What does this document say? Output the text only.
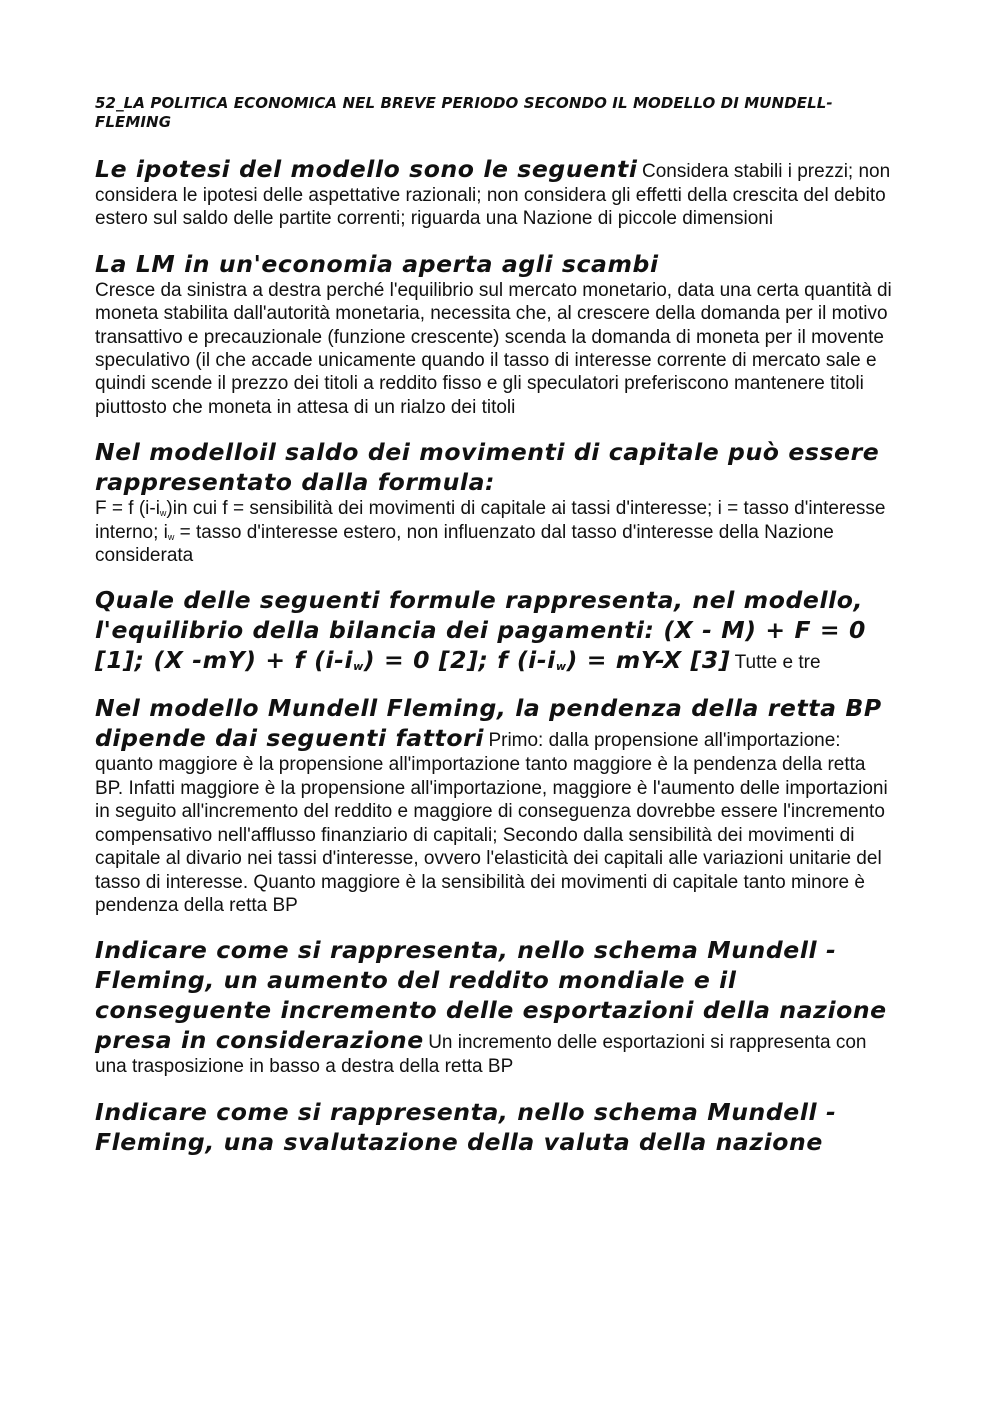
52_LA POLITICA ECONOMICA NEL BREVE PERIODO SECONDO IL MODELLO DI MUNDELL-FLEMING
Le ipotesi del modello sono le seguenti Considera stabili i prezzi; non considera le ipotesi delle aspettative razionali; non considera gli effetti della crescita del debito estero sul saldo delle partite correnti; riguarda una Nazione di piccole dimensioni
La LM in un'economia aperta agli scambi
Cresce da sinistra a destra perché l'equilibrio sul mercato monetario, data una certa quantità di moneta stabilita dall'autorità monetaria, necessita che, al crescere della domanda per il motivo transattivo e precauzionale (funzione crescente) scenda la domanda di moneta per il movente speculativo (il che accade unicamente quando il tasso di interesse corrente di mercato sale e quindi scende il prezzo dei titoli a reddito fisso e gli speculatori preferiscono mantenere titoli piuttosto che moneta in attesa di un rialzo dei titoli
Nel modelloil saldo dei movimenti di capitale può essere rappresentato dalla formula:
F = f $(i-i_w)in$ cui f = sensibilità dei movimenti di capitale ai tassi d'interesse; i = tasso d'interesse interno; $i_w$ = tasso d'interesse estero, non influenzato dal tasso d'interesse della Nazione considerata
Quale delle seguenti formule rappresenta, nel modello, l'equilibrio della bilancia dei pagamenti: (X - M) + F = 0 [1]; (X -mY) + f $(i-i_w) = 0$ [2]; f $(i-i_w) = mY-X$ [3] Tutte e tre
Nel modello Mundell Fleming, la pendenza della retta BP dipende dai seguenti fattori Primo: dalla propensione all'importazione: quanto maggiore è la propensione all'importazione tanto maggiore è la pendenza della retta BP. Infatti maggiore è la propensione all'importazione, maggiore è l'aumento delle importazioni in seguito all'incremento del reddito e maggiore di conseguenza dovrebbe essere l'incremento compensativo nell'afflusso finanziario di capitali; Secondo dalla sensibilità dei movimenti di capitale al divario nei tassi d'interesse, ovvero l'elasticità dei capitali alle variazioni unitarie del tasso di interesse. Quanto maggiore è la sensibilità dei movimenti di capitale tanto minore è pendenza della retta BP
Indicare come si rappresenta, nello schema Mundell - Fleming, un aumento del reddito mondiale e il conseguente incremento delle esportazioni della nazione presa in considerazione Un incremento delle esportazioni si rappresenta con una trasposizione in basso a destra della retta BP
Indicare come si rappresenta, nello schema Mundell - Fleming, una svalutazione della valuta della nazione
